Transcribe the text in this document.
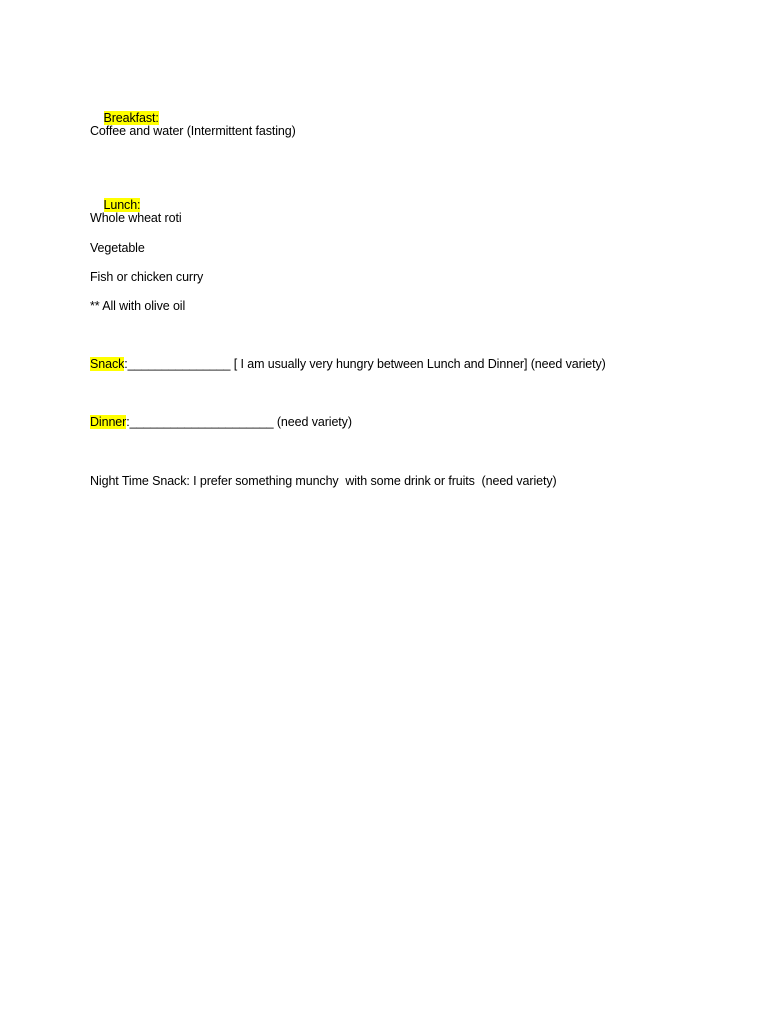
Breakfast:

Coffee and water (Intermittent fasting)

Lunch:

Whole wheat roti
Vegetable
Fish or chicken curry
** All with olive oil
Snack:_______________ [ I am usually very hungry between Lunch and Dinner] (need variety)
Dinner:_____________________ (need variety)
Night Time Snack: I prefer something munchy  with some drink or fruits  (need variety)
